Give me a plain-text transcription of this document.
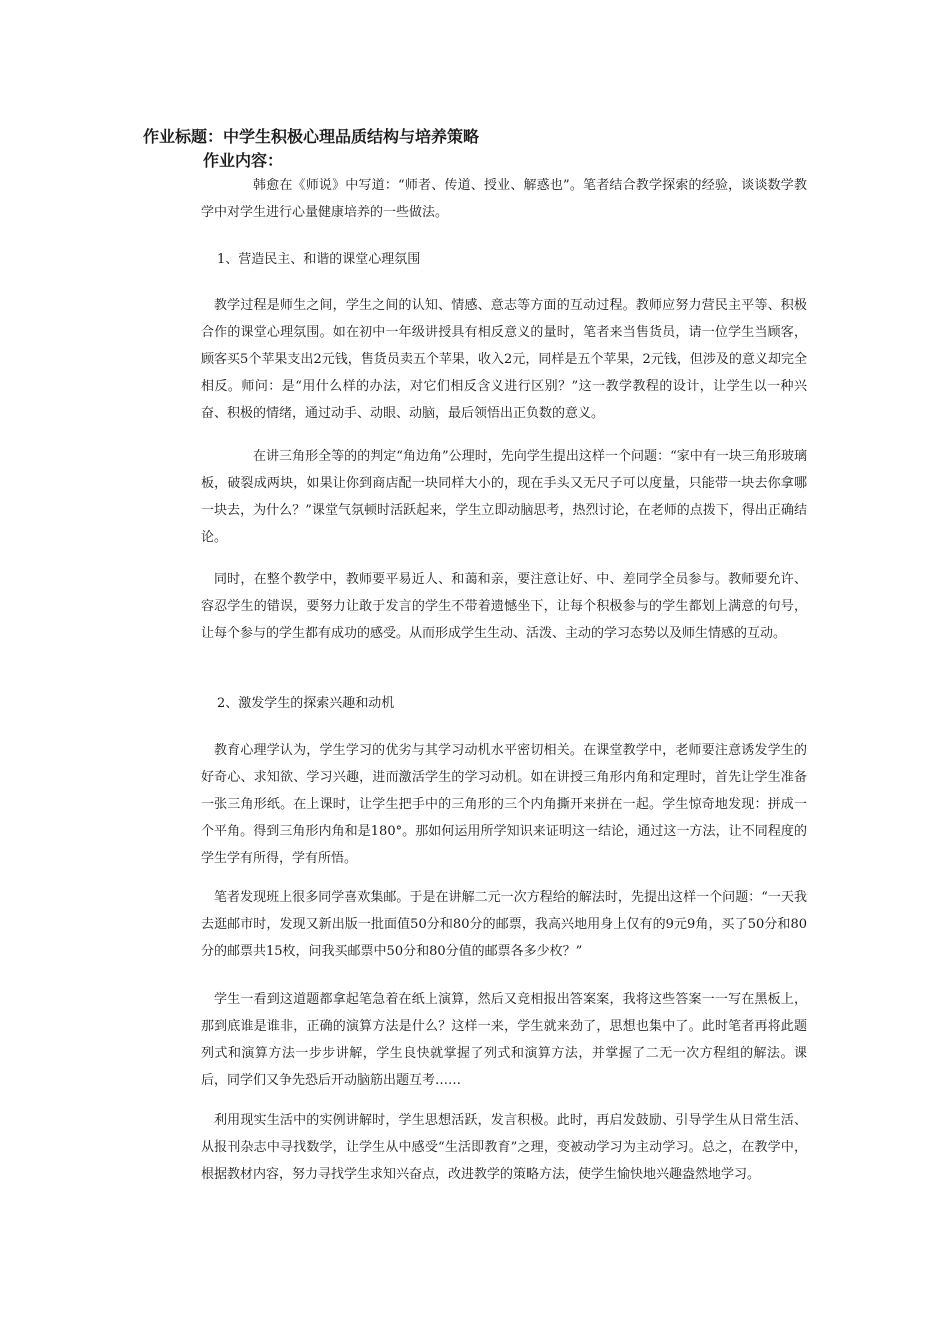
作业标题：中学生积极心理品质结构与培养策略
作业内容：

韩愈在《师说》中写道：“师者、传道、授业、解惑也”。笔者结合教学探索的经验，谈谈数学教学中对学生进行心量健康培养的一些做法。

1、营造民主、和谐的课堂心理氛围

教学过程是师生之间，学生之间的认知、情感、意志等方面的互动过程。教师应努力营民主平等、积极合作的课堂心理氛围。如在初中一年级讲授具有相反意义的量时，笔者来当售货员，请一位学生当顾客，顾客买5个苹果支出2元钱，售货员卖五个苹果，收入2元，同样是五个苹果，2元钱，但涉及的意义却完全相反。师问：是“用什么样的办法，对它们相反含义进行区别？”这一教学教程的设计，让学生以一种兴奋、积极的情绪，通过动手、动眼、动脑，最后领悟出正负数的意义。

在讲三角形全等的的判定“角边角”公理时，先向学生提出这样一个问题：“家中有一块三角形玻璃板，破裂成两块，如果让你到商店配一块同样大小的，现在手头又无尺子可以度量，只能带一块去你拿哪一块去，为什么？”课堂气氛顿时活跃起来，学生立即动脑思考，热烈讨论，在老师的点拨下，得出正确结论。

同时，在整个教学中，教师要平易近人、和蔼和亲，要注意让好、中、差同学全员参与。教师要允许、容忍学生的错误，要努力让敢于发言的学生不带着遗憾坐下，让每个积极参与的学生都划上满意的句号，让每个参与的学生都有成功的感受。从而形成学生生动、活泼、主动的学习态势以及师生情感的互动。

2、激发学生的探索兴趣和动机

教育心理学认为，学生学习的优劣与其学习动机水平密切相关。在课堂教学中，老师要注意诱发学生的好奇心、求知欲、学习兴趣，进而激活学生的学习动机。如在讲授三角形内角和定理时，首先让学生准备一张三角形纸。在上课时，让学生把手中的三角形的三个内角撕开来拼在一起。学生惊奇地发现：拼成一个平角。得到三角形内角和是180°。那如何运用所学知识来证明这一结论，通过这一方法，让不同程度的学生学有所得，学有所悟。

笔者发现班上很多同学喜欢集邮。于是在讲解二元一次方程给的解法时，先提出这样一个问题：“一天我去逛邮市时，发现又新出版一批面值50分和80分的邮票，我高兴地用身上仅有的9元9角，买了50分和80分的邮票共15枚，问我买邮票中50分和80分值的邮票各多少枚？”

学生一看到这道题都拿起笔急着在纸上演算，然后又竞相报出答案案，我将这些答案一一写在黑板上，那到底谁是谁非，正确的演算方法是什么？这样一来，学生就来劲了，思想也集中了。此时笔者再将此题列式和演算方法一步步讲解，学生良快就掌握了列式和演算方法，并掌握了二无一次方程组的解法。课后，同学们又争先恐后开动脑筋出题互考……

利用现实生活中的实例讲解时，学生思想活跃，发言积极。此时，再启发鼓励、引导学生从日常生活、从报刊杂志中寻找数学，让学生从中感受“生活即教育”之理，变被动学习为主动学习。总之，在教学中，根据教材内容，努力寻找学生求知兴奋点，改进教学的策略方法，使学生愉快地兴趣盎然地学习。
